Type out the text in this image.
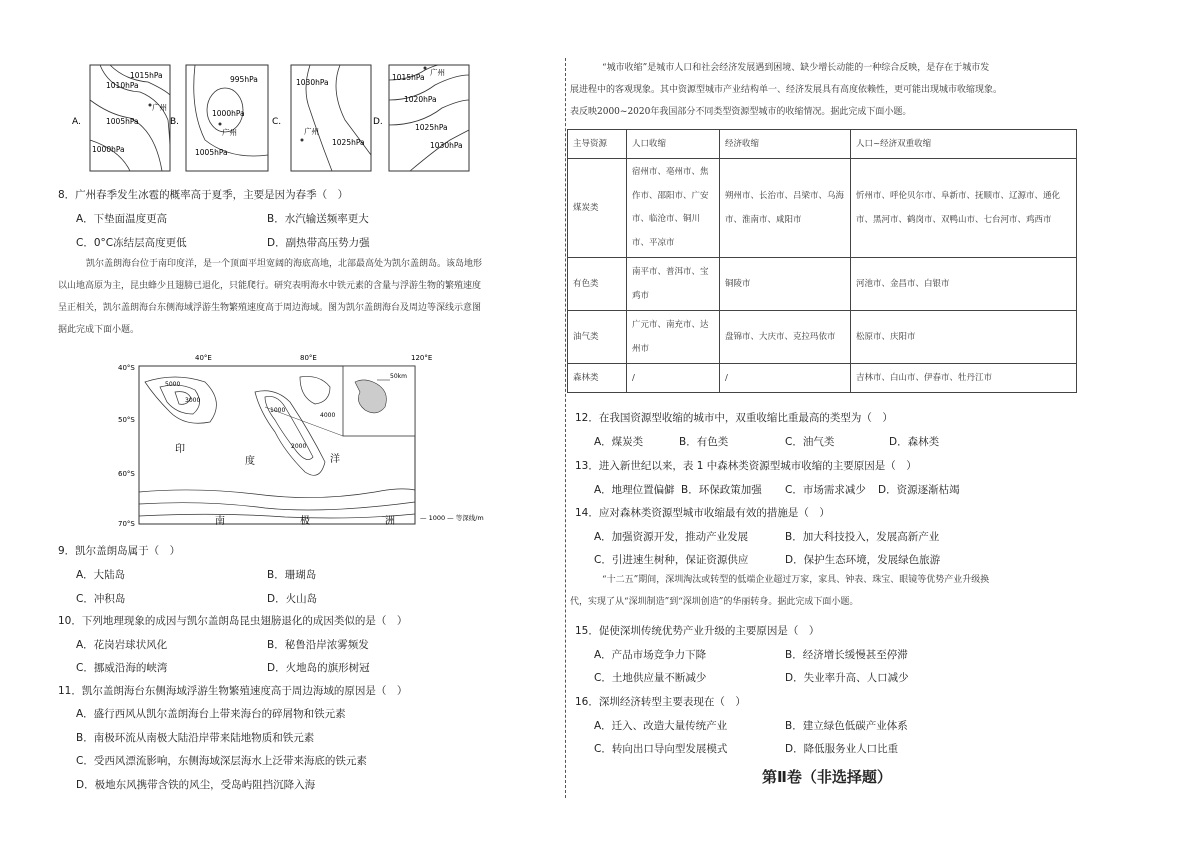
A.
1015hPa
1010hPa
1005hPa
1000hPa
广州
B.
995hPa
1000hPa
1005hPa
广州
C.
1030hPa
1025hPa
广州
D.
1015hPa
1020hPa
1025hPa
1030hPa
广州
8．广州春季发生冰雹的概率高于夏季，主要是因为春季（　）
A．下垫面温度更高	B．水汽输送频率更大
C．0°C冻结层高度更低	D．副热带高压势力强
凯尔盖朗海台位于南印度洋，是一个顶面平坦宽阔的海底高地，北部最高处为凯尔盖朗岛。该岛地形
以山地高原为主，昆虫蜂少且翅膀已退化，只能爬行。研究表明海水中铁元素的含量与浮游生物的繁殖速度
呈正相关，凯尔盖朗海台东侧海域浮游生物繁殖速度高于周边海域。图为凯尔盖朗海台及周边等深线示意图
据此完成下面小题。
40°E	80°E	120°E
40°S
50°S
60°S
70°S
50km
5000
3000
1000
4000
2000
印
度	洋
南	极	洲	— 1000 — 等深线/m
9．凯尔盖朗岛属于（　）
A．大陆岛	B．珊瑚岛
C．冲积岛	D．火山岛
10．下列地理现象的成因与凯尔盖朗岛昆虫翅膀退化的成因类似的是（　）
A．花岗岩球状风化	B．秘鲁沿岸浓雾频发
C．挪威沿海的峡湾	D．火地岛的旗形树冠
11．凯尔盖朗海台东侧海域浮游生物繁殖速度高于周边海域的原因是（　）
A．盛行西风从凯尔盖朗海台上带来海台的碎屑物和铁元素
B．南极环流从南极大陆沿岸带来陆地物质和铁元素
C．受西风漂流影响，东侧海域深层海水上泛带来海底的铁元素
D．极地东风携带含铁的风尘，受岛屿阻挡沉降入海
“城市收缩”是城市人口和社会经济发展遇到困境、缺少增长动能的一种综合反映，是存在于城市发
展进程中的客观现象。其中资源型城市产业结构单一、经济发展具有高度依赖性，更可能出现城市收缩现象。
表反映2000~2020年我国部分不同类型资源型城市的收缩情况。据此完成下面小题。
主导资源	人口收缩	经济收缩	人口~经济双重收缩
煤炭类	宿州市、亳州市、焦作市、邵阳市、广安市、临沧市、铜川市、平凉市	朔州市、长治市、吕梁市、乌海市、淮南市、咸阳市	忻州市、呼伦贝尔市、阜新市、抚顺市、辽源市、通化市、黑河市、鹤岗市、双鸭山市、七台河市、鸡西市
有色类	南平市、普洱市、宝鸡市	铜陵市	河池市、金昌市、白银市
油气类	广元市、南充市、达州市	盘锦市、大庆市、克拉玛依市	松原市、庆阳市
森林类	/	/	吉林市、白山市、伊春市、牡丹江市
12．在我国资源型收缩的城市中，双重收缩比重最高的类型为（　）
A．煤炭类	B．有色类	C．油气类	D．森林类
13．进入新世纪以来，表 1 中森林类资源型城市收缩的主要原因是（　）
A．地理位置偏僻 B．环保政策加强 C．市场需求减少 D．资源逐渐枯竭
14．应对森林类资源型城市收缩最有效的措施是（　）
A．加强资源开发，推动产业发展	B．加大科技投入，发展高新产业
C．引进速生树种，保证资源供应	D．保护生态环境，发展绿色旅游
“十二五”期间，深圳淘汰或转型的低端企业超过万家，家具、钟表、珠宝、眼镜等优势产业升级换
代，实现了从“深圳制造”到“深圳创造”的华丽转身。据此完成下面小题。
15．促使深圳传统优势产业升级的主要原因是（　）
A．产品市场竞争力下降	B．经济增长缓慢甚至停滞
C．土地供应量不断减少	D．失业率升高、人口减少
16．深圳经济转型主要表现在（　）
A．迁入、改造大量传统产业	B．建立绿色低碳产业体系
C．转向出口导向型发展模式	D．降低服务业人口比重
第Ⅱ卷（非选择题）
